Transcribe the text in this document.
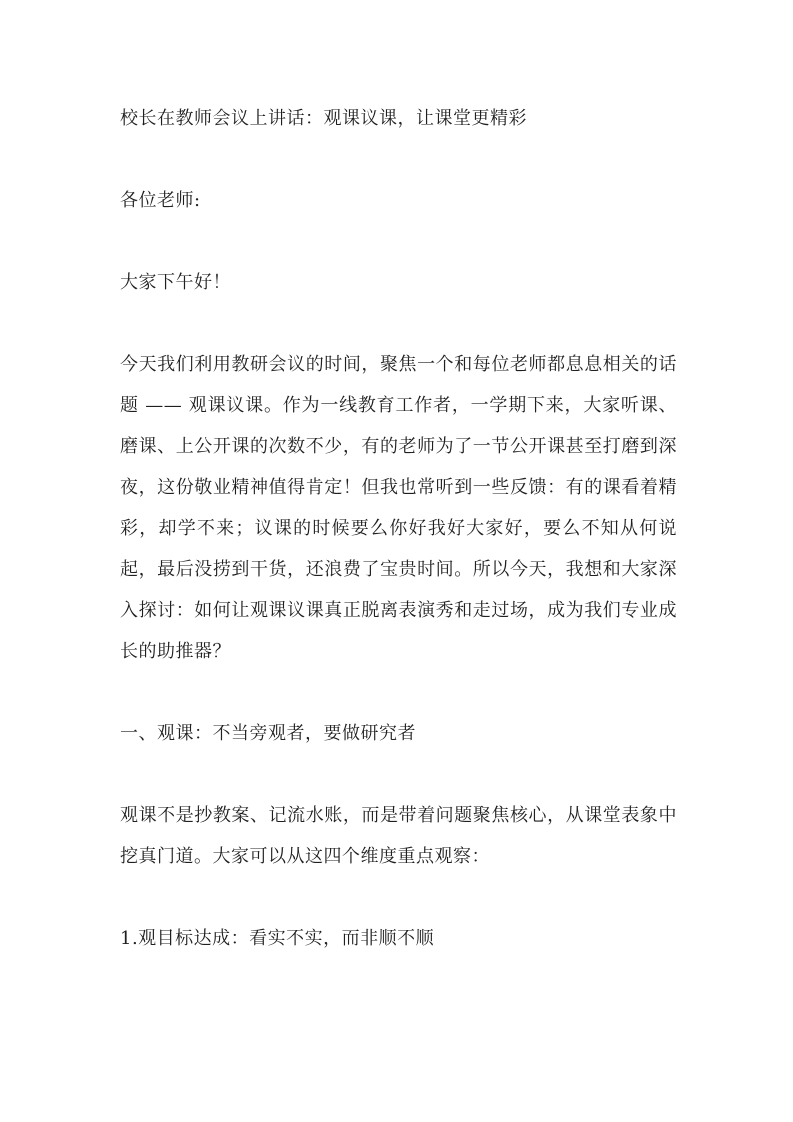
校长在教师会议上讲话：观课议课，让课堂更精彩

各位老师:

大家下午好！

今天我们利用教研会议的时间，聚焦一个和每位老师都息息相关的话题 —— 观课议课。作为一线教育工作者，一学期下来，大家听课、磨课、上公开课的次数不少，有的老师为了一节公开课甚至打磨到深夜，这份敬业精神值得肯定！但我也常听到一些反馈：有的课看着精彩，却学不来；议课的时候要么你好我好大家好，要么不知从何说起，最后没捞到干货，还浪费了宝贵时间。所以今天，我想和大家深入探讨：如何让观课议课真正脱离表演秀和走过场，成为我们专业成长的助推器？

一、观课：不当旁观者，要做研究者

观课不是抄教案、记流水账，而是带着问题聚焦核心，从课堂表象中挖真门道。大家可以从这四个维度重点观察：

1.观目标达成：看实不实，而非顺不顺
